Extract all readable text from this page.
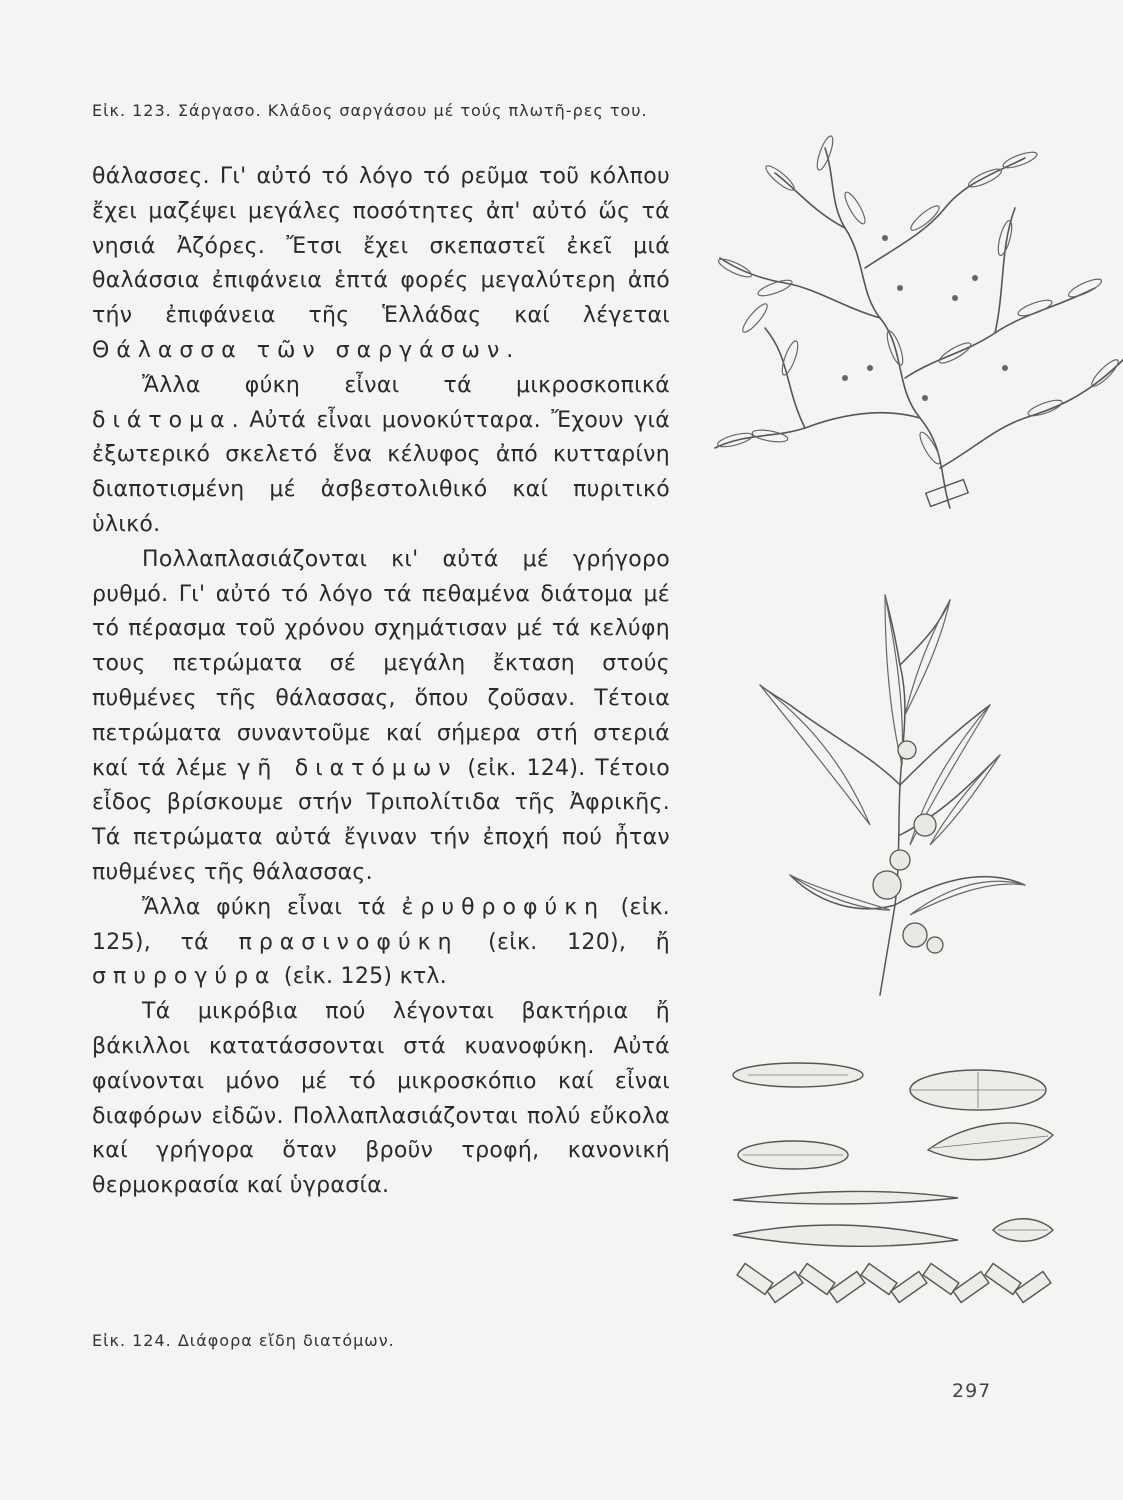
Εἰκ. 123. Σάργασο. Κλάδος σαργάσου μέ τούς πλωτῆ-ρες του.

θάλασσες. Γι' αὐτό τό λόγο τό ρεῦμα τοῦ κόλπου ἔχει μαζέψει μεγάλες ποσότητες ἀπ' αὐτό ὥς τά νησιά Ἀζόρες. Ἔτσι ἔχει σκεπαστεῖ ἐκεῖ μιά θαλάσσια ἐπιφάνεια ἑπτά φορές μεγαλύτερη ἀπό τήν ἐπιφάνεια τῆς Ἑλλάδας καί λέγεται Θάλασσα τῶν σαργάσων.

Ἄλλα φύκη εἶναι τά μικροσκοπικά διάτομα. Αὐτά εἶναι μονοκύτταρα. Ἔχουν γιά ἐξωτερικό σκελετό ἕνα κέλυφος ἀπό κυτταρίνη διαποτισμένη μέ ἀσβεστολιθικό καί πυριτικό ὑλικό.

Πολλαπλασιάζονται κι' αὐτά μέ γρήγορο ρυθμό. Γι' αὐτό τό λόγο τά πεθαμένα διάτομα μέ τό πέρασμα τοῦ χρόνου σχημάτισαν μέ τά κελύφη τους πετρώματα σέ μεγάλη ἔκταση στούς πυθμένες τῆς θάλασσας, ὅπου ζοῦσαν. Τέτοια πετρώματα συναντοῦμε καί σήμερα στή στεριά καί τά λέμε γῆ διατόμων (εἰκ. 124). Τέτοιο εἶδος βρίσκουμε στήν Τριπολίτιδα τῆς Ἀφρικῆς. Τά πετρώματα αὐτά ἔγιναν τήν ἐποχή πού ἦταν πυθμένες τῆς θάλασσας.

Ἄλλα φύκη εἶναι τά ἐρυθροφύκη (εἰκ. 125), τά πρασινοφύκη (εἰκ. 120), ἤ σπυρογύρα (εἰκ. 125) κτλ.

Τά μικρόβια πού λέγονται βακτήρια ἤ βάκιλλοι κατατάσσονται στά κυανοφύκη. Αὐτά φαίνονται μόνο μέ τό μικροσκόπιο καί εἶναι διαφόρων εἰδῶν. Πολλαπλασιάζονται πολύ εὔκολα καί γρήγορα ὅταν βροῦν τροφή, κανονική θερμοκρασία καί ὑγρασία.

Εἰκ. 124. Διάφορα εἴδη διατόμων.
297
